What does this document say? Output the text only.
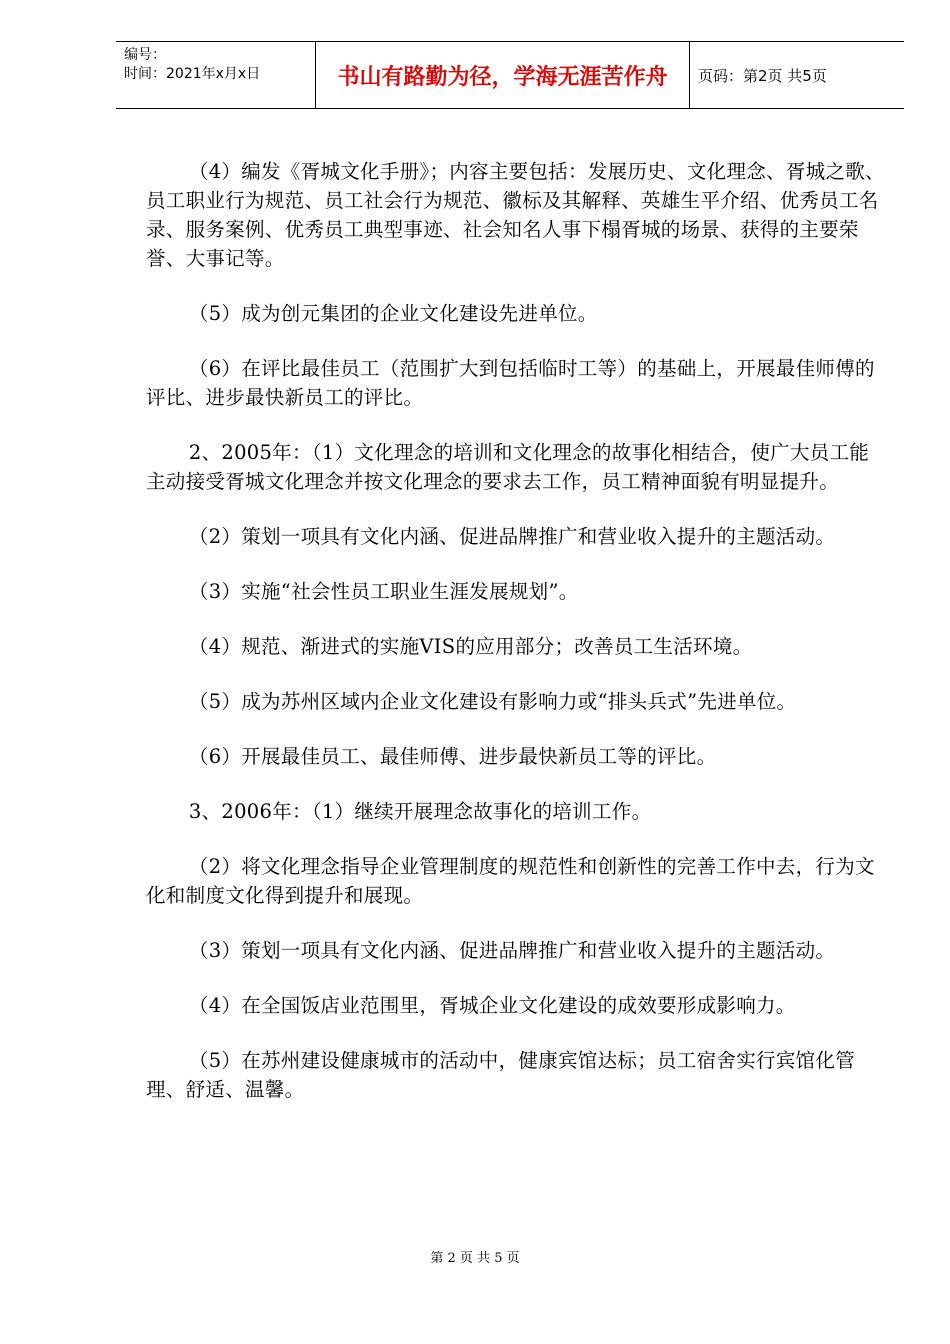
编号：
时间：2021年x月x日	书山有路勤为径，学海无涯苦作舟	页码：第2页 共5页

（4）编发《胥城文化手册》；内容主要包括：发展历史、文化理念、胥城之歌、员工职业行为规范、员工社会行为规范、徽标及其解释、英雄生平介绍、优秀员工名录、服务案例、优秀员工典型事迹、社会知名人事下榻胥城的场景、获得的主要荣誉、大事记等。

（5）成为创元集团的企业文化建设先进单位。

（6）在评比最佳员工（范围扩大到包括临时工等）的基础上，开展最佳师傅的评比、进步最快新员工的评比。

2、2005年：（1）文化理念的培训和文化理念的故事化相结合，使广大员工能主动接受胥城文化理念并按文化理念的要求去工作，员工精神面貌有明显提升。

（2）策划一项具有文化内涵、促进品牌推广和营业收入提升的主题活动。

（3）实施“社会性员工职业生涯发展规划”。

（4）规范、渐进式的实施VIS的应用部分；改善员工生活环境。

（5）成为苏州区域内企业文化建设有影响力或“排头兵式”先进单位。

（6）开展最佳员工、最佳师傅、进步最快新员工等的评比。

3、2006年：（1）继续开展理念故事化的培训工作。

（2）将文化理念指导企业管理制度的规范性和创新性的完善工作中去，行为文化和制度文化得到提升和展现。

（3）策划一项具有文化内涵、促进品牌推广和营业收入提升的主题活动。

（4）在全国饭店业范围里，胥城企业文化建设的成效要形成影响力。

（5）在苏州建设健康城市的活动中，健康宾馆达标；员工宿舍实行宾馆化管理、舒适、温馨。

第 2 页 共 5 页
